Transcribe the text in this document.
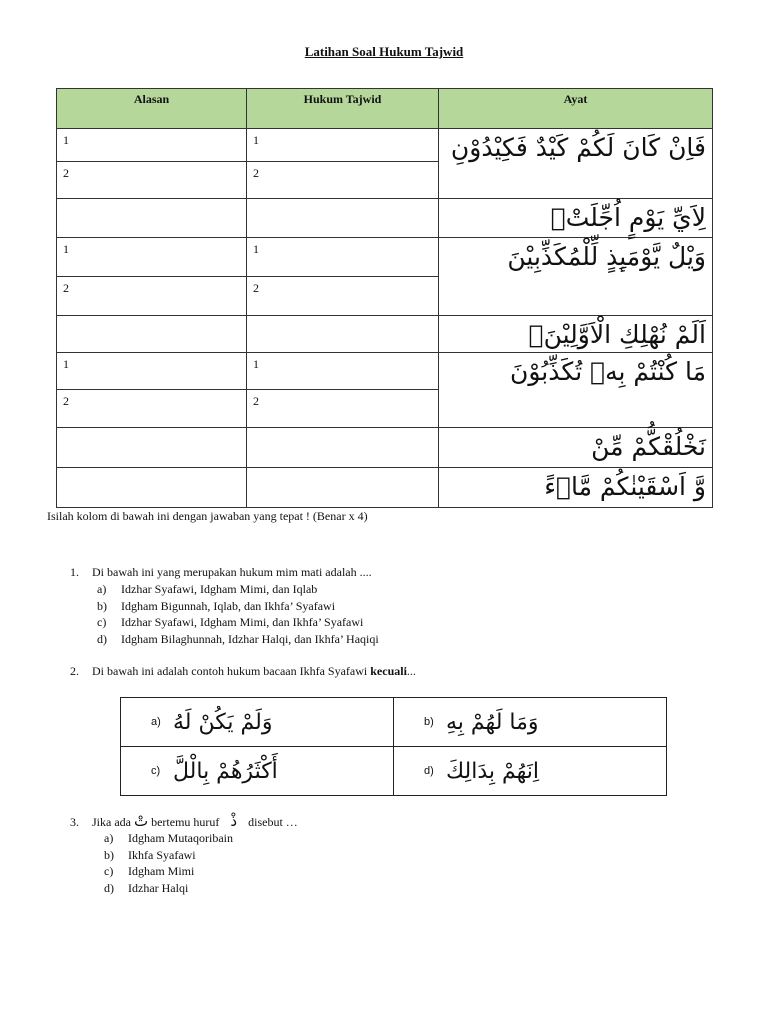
Latihan Soal Hukum Tajwid
Alasan	Hukum Tajwid	Ayat
1	1	فَاِنْ كَانَ لَكُمْ كَيْدٌ فَكِيْدُوْنِ
2	2	
		لِاَيِّ يَوْمٍ اُجِّلَتْۗ
1	1	وَيْلٌ يَّوْمَىِٕذٍ لِّلْمُكَذِّبِيْنَ
2	2	
		اَلَمْ نُهْلِكِ الْاَوَّلِيْنَۗ
1	1	مَا كُنْتُمْ بِهٖ تُكَذِّبُوْنَ
2	2	
		نَخْلُقْكُّمْ مِّنْ
		وَّ اَسْقَيْنٰكُمْ مَّاۤءً
Isilah kolom di bawah ini dengan jawaban yang tepat ! (Benar x 4)
1. Di bawah ini yang merupakan hukum mim mati adalah ....
a) Idzhar Syafawi, Idgham Mimi, dan Iqlab
b) Idgham Bigunnah, Iqlab, dan Ikhfa’ Syafawi
c) Idzhar Syafawi, Idgham Mimi, dan Ikhfa’ Syafawi
d) Idgham Bilaghunnah, Idzhar Halqi, dan Ikhfa’ Haqiqi
2. Di bawah ini adalah contoh hukum bacaan Ikhfa Syafawi kecuali...
a) وَلَمْ يَكُنْ لَهُ	b) وَمَا لَهُمْ بِهِ
c) أَكْثَرُهُمْ بِالْلَّ	d) اِنَهُمْ بِدَالِكَ
3. Jika ada تْ bertemu huruf ذْ disebut …
a) Idgham Mutaqoribain
b) Ikhfa Syafawi
c) Idgham Mimi
d) Idzhar Halqi
